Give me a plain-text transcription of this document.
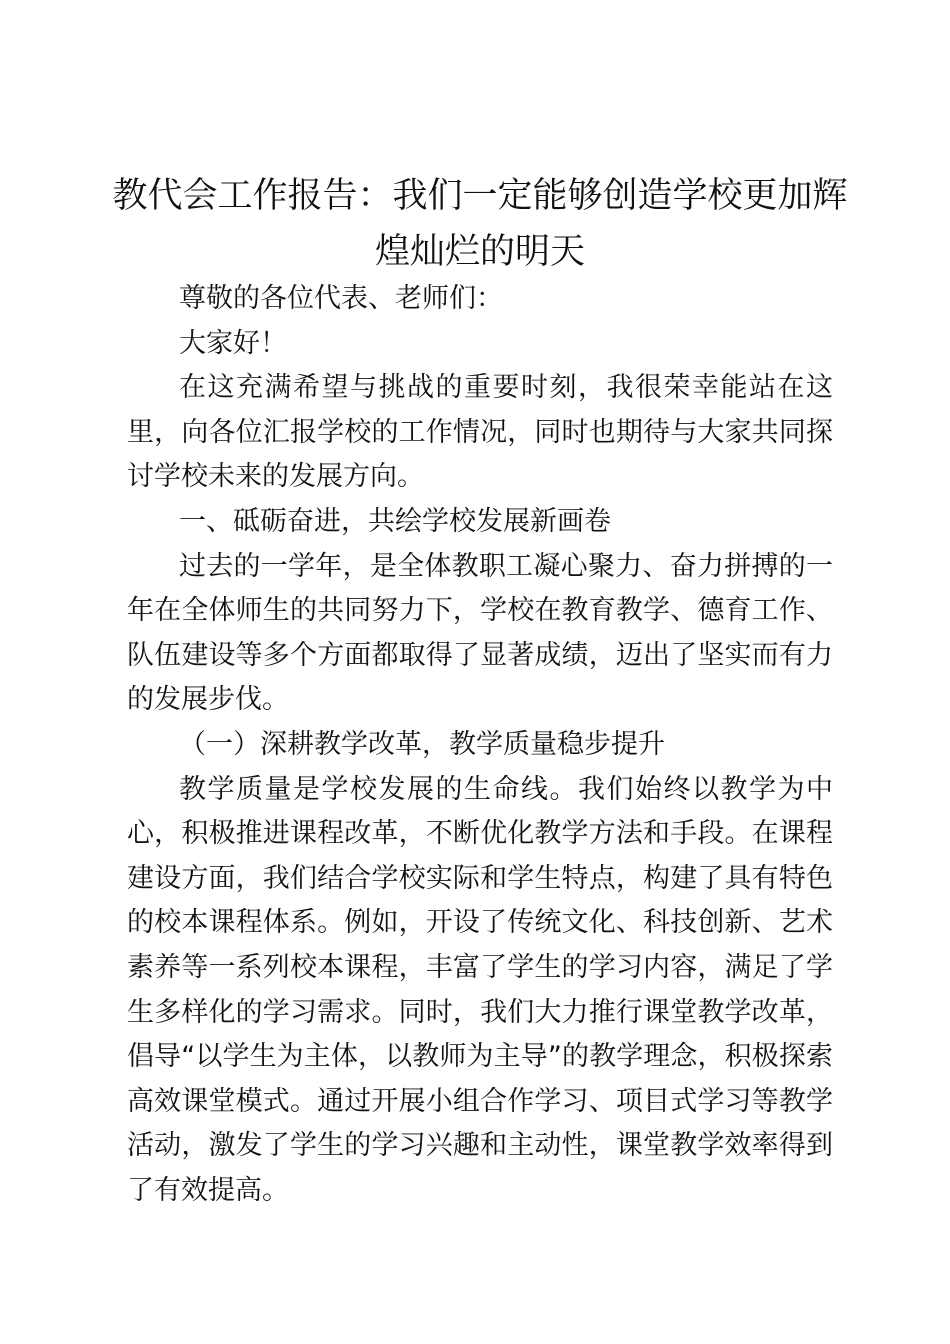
教代会工作报告：我们一定能够创造学校更加辉煌灿烂的明天

尊敬的各位代表、老师们：

大家好！

在这充满希望与挑战的重要时刻，我很荣幸能站在这里，向各位汇报学校的工作情况，同时也期待与大家共同探讨学校未来的发展方向。

一、砥砺奋进，共绘学校发展新画卷

过去的一学年，是全体教职工凝心聚力、奋力拼搏的一年在全体师生的共同努力下，学校在教育教学、德育工作、队伍建设等多个方面都取得了显著成绩，迈出了坚实而有力的发展步伐。

（一）深耕教学改革，教学质量稳步提升

教学质量是学校发展的生命线。我们始终以教学为中心，积极推进课程改革，不断优化教学方法和手段。在课程建设方面，我们结合学校实际和学生特点，构建了具有特色的校本课程体系。例如，开设了传统文化、科技创新、艺术素养等一系列校本课程，丰富了学生的学习内容，满足了学生多样化的学习需求。同时，我们大力推行课堂教学改革，倡导“以学生为主体，以教师为主导”的教学理念，积极探索高效课堂模式。通过开展小组合作学习、项目式学习等教学活动，激发了学生的学习兴趣和主动性，课堂教学效率得到了有效提高。
